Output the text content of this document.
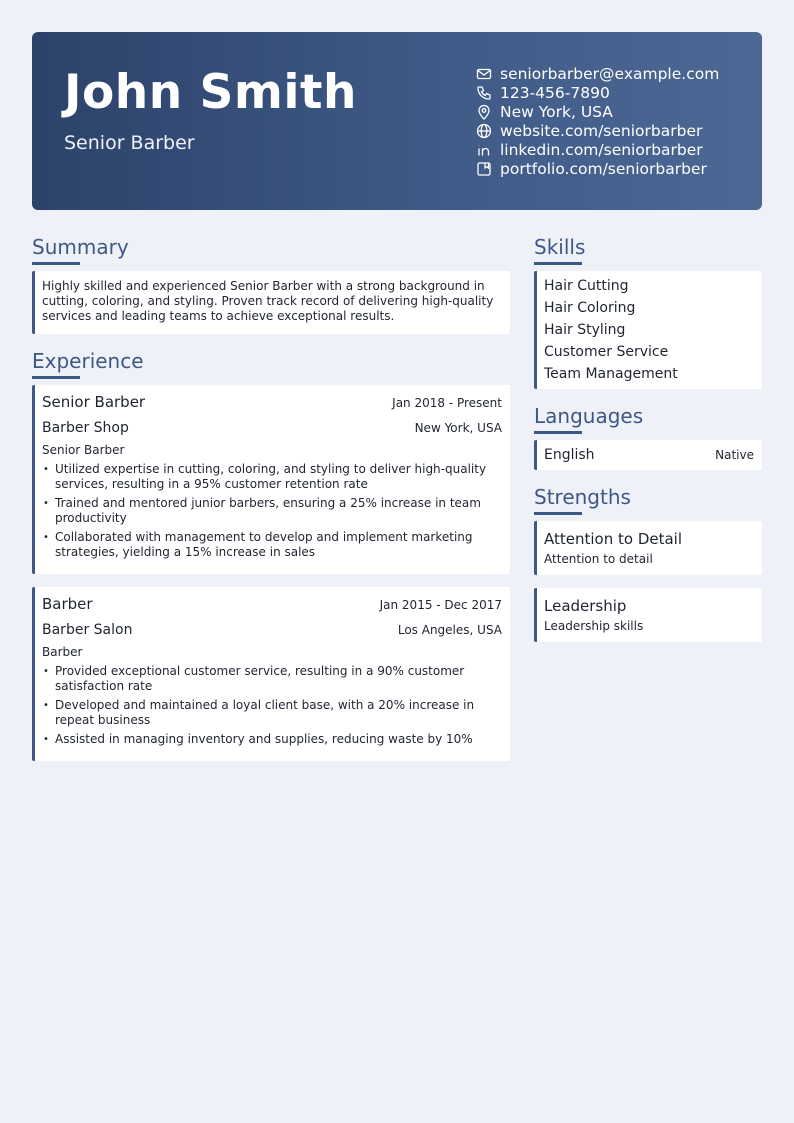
John Smith
Senior Barber
seniorbarber@example.com
123-456-7890
New York, USA
website.com/seniorbarber
linkedin.com/seniorbarber
portfolio.com/seniorbarber
Summary
Highly skilled and experienced Senior Barber with a strong background in cutting, coloring, and styling. Proven track record of delivering high-quality services and leading teams to achieve exceptional results.
Experience
Senior Barber	Jan 2018 - Present
Barber Shop	New York, USA
Senior Barber
• Utilized expertise in cutting, coloring, and styling to deliver high-quality services, resulting in a 95% customer retention rate
• Trained and mentored junior barbers, ensuring a 25% increase in team productivity
• Collaborated with management to develop and implement marketing strategies, yielding a 15% increase in sales
Barber	Jan 2015 - Dec 2017
Barber Salon	Los Angeles, USA
Barber
• Provided exceptional customer service, resulting in a 90% customer satisfaction rate
• Developed and maintained a loyal client base, with a 20% increase in repeat business
• Assisted in managing inventory and supplies, reducing waste by 10%
Skills
Hair Cutting
Hair Coloring
Hair Styling
Customer Service
Team Management
Languages
English	Native
Strengths
Attention to Detail
Attention to detail
Leadership
Leadership skills
